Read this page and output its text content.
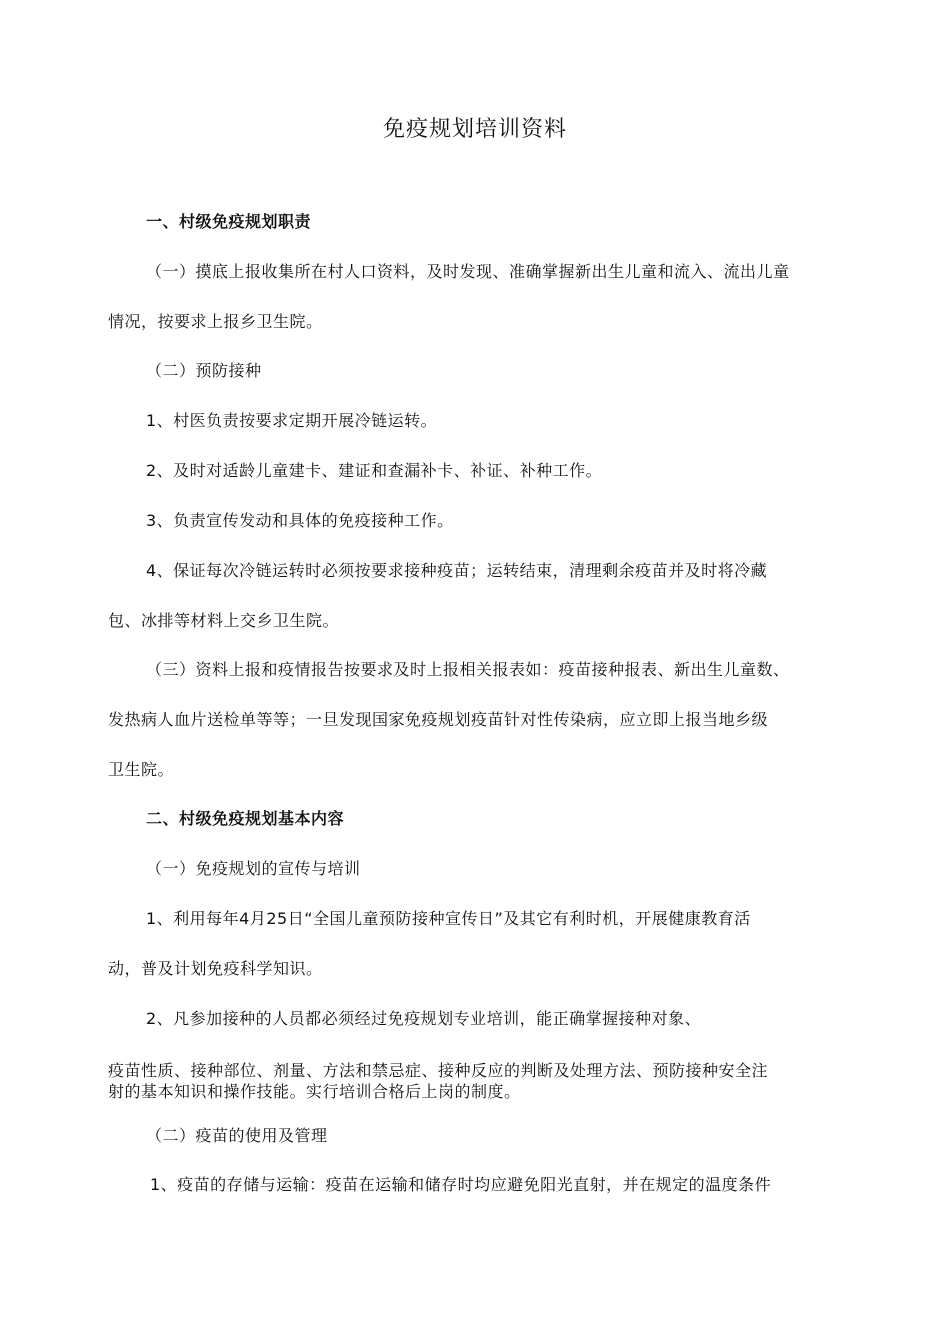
免疫规划培训资料
一、村级免疫规划职责
（一）摸底上报收集所在村人口资料，及时发现、准确掌握新出生儿童和流入、流出儿童
情况，按要求上报乡卫生院。
（二）预防接种
1、村医负责按要求定期开展冷链运转。
2、及时对适龄儿童建卡、建证和查漏补卡、补证、补种工作。
3、负责宣传发动和具体的免疫接种工作。
4、保证每次冷链运转时必须按要求接种疫苗；运转结束，清理剩余疫苗并及时将冷藏
包、冰排等材料上交乡卫生院。
（三）资料上报和疫情报告按要求及时上报相关报表如：疫苗接种报表、新出生儿童数、
发热病人血片送检单等等；一旦发现国家免疫规划疫苗针对性传染病，应立即上报当地乡级
卫生院。
二、村级免疫规划基本内容
（一）免疫规划的宣传与培训
1、利用每年4月25日“全国儿童预防接种宣传日”及其它有利时机，开展健康教育活
动，普及计划免疫科学知识。
2、凡参加接种的人员都必须经过免疫规划专业培训，能正确掌握接种对象、
疫苗性质、接种部位、剂量、方法和禁忌症、接种反应的判断及处理方法、预防接种安全注
射的基本知识和操作技能。实行培训合格后上岗的制度。
（二）疫苗的使用及管理
1、疫苗的存储与运输：疫苗在运输和储存时均应避免阳光直射，并在规定的温度条件
